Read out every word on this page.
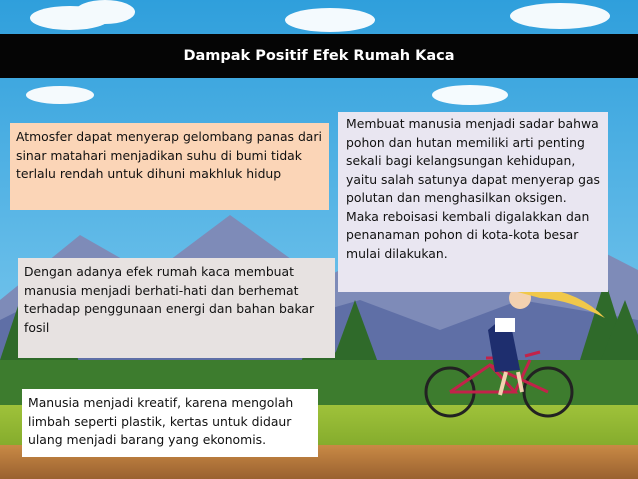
Dampak Positif Efek Rumah Kaca
Atmosfer dapat menyerap gelombang panas dari sinar matahari menjadikan suhu di bumi tidak terlalu rendah untuk dihuni makhluk hidup
Membuat manusia menjadi sadar bahwa pohon dan hutan memiliki arti penting sekali bagi kelangsungan kehidupan, yaitu salah satunya dapat menyerap gas polutan dan menghasilkan oksigen. Maka reboisasi kembali digalakkan dan penanaman pohon di kota-kota besar mulai dilakukan.
Dengan adanya efek rumah kaca membuat manusia menjadi berhati-hati dan berhemat terhadap penggunaan energi dan bahan bakar fosil
Manusia menjadi kreatif, karena mengolah limbah seperti plastik, kertas untuk didaur ulang menjadi barang yang ekonomis.
